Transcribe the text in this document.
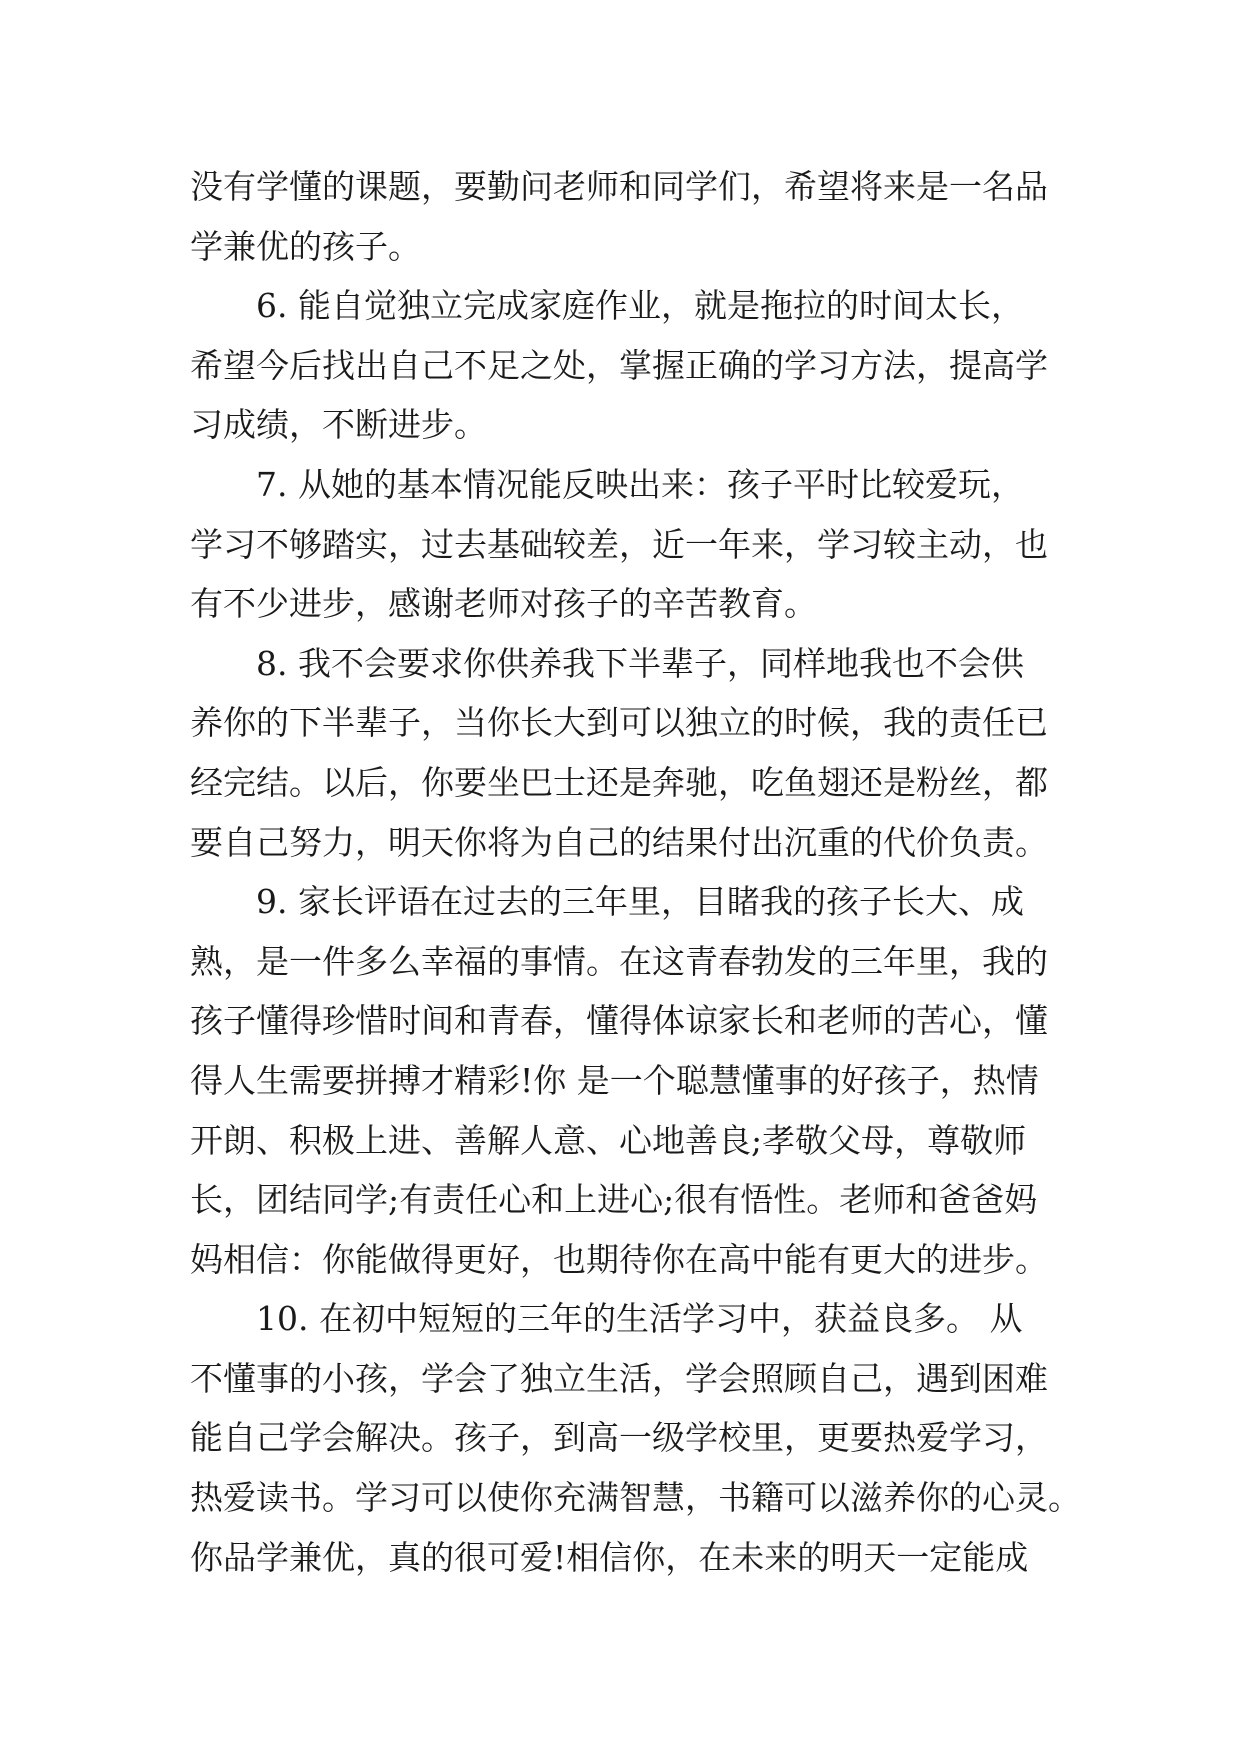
没有学懂的课题，要勤问老师和同学们，希望将来是一名品
学兼优的孩子。
6. 能自觉独立完成家庭作业，就是拖拉的时间太长，
希望今后找出自己不足之处，掌握正确的学习方法，提高学
习成绩，不断进步。
7. 从她的基本情况能反映出来：孩子平时比较爱玩，
学习不够踏实，过去基础较差，近一年来，学习较主动，也
有不少进步，感谢老师对孩子的辛苦教育。
8. 我不会要求你供养我下半辈子，同样地我也不会供
养你的下半辈子，当你长大到可以独立的时候，我的责任已
经完结。以后，你要坐巴士还是奔驰，吃鱼翅还是粉丝，都
要自己努力，明天你将为自己的结果付出沉重的代价负责。
9. 家长评语在过去的三年里，目睹我的孩子长大、成
熟，是一件多么幸福的事情。在这青春勃发的三年里，我的
孩子懂得珍惜时间和青春，懂得体谅家长和老师的苦心，懂
得人生需要拼搏才精彩!你 是一个聪慧懂事的好孩子，热情
开朗、积极上进、善解人意、心地善良;孝敬父母，尊敬师
长，团结同学;有责任心和上进心;很有悟性。老师和爸爸妈
妈相信：你能做得更好，也期待你在高中能有更大的进步。
10. 在初中短短的三年的生活学习中，获益良多。 从
不懂事的小孩，学会了独立生活，学会照顾自己，遇到困难
能自己学会解决。孩子，到高一级学校里，更要热爱学习，
热爱读书。学习可以使你充满智慧，书籍可以滋养你的心灵。
你品学兼优，真的很可爱!相信你，在未来的明天一定能成
